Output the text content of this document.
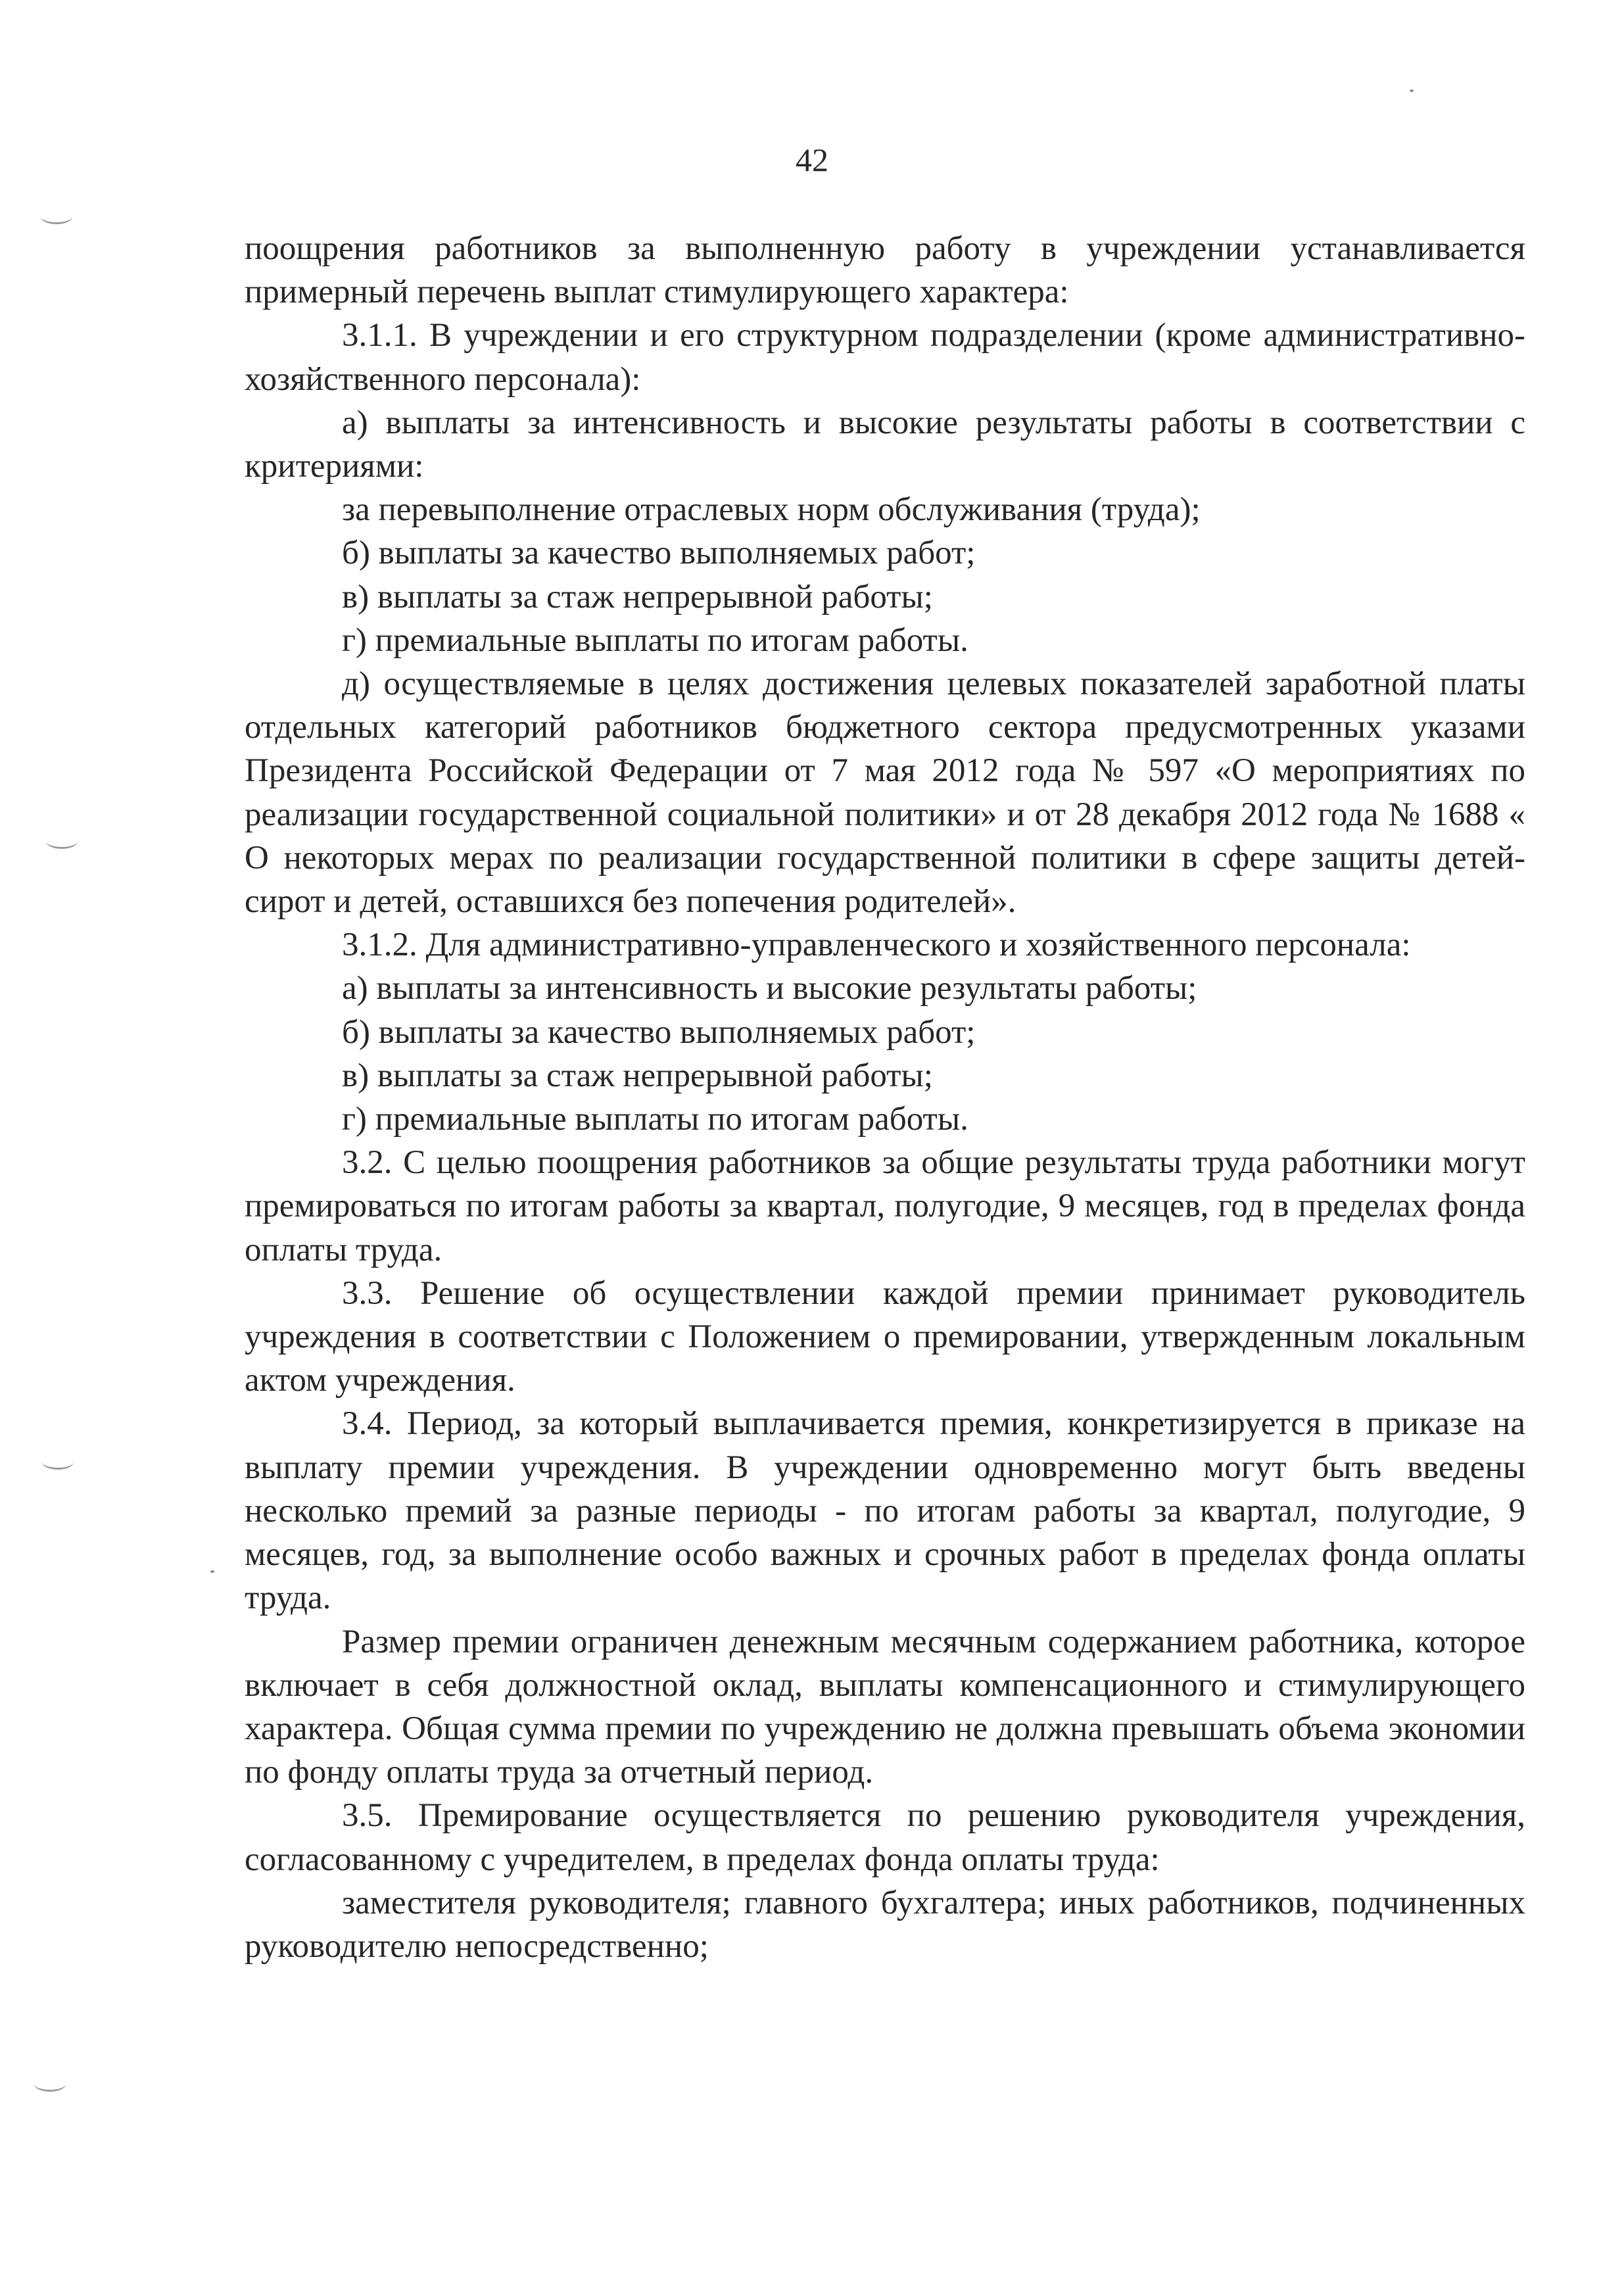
42

поощрения работников за выполненную работу в учреждении устанавливается примерный перечень выплат стимулирующего характера:

3.1.1. В учреждении и его структурном подразделении (кроме административно-хозяйственного персонала):

а) выплаты за интенсивность и высокие результаты работы в соответствии с критериями:

за перевыполнение отраслевых норм обслуживания (труда);

б) выплаты за качество выполняемых работ;

в) выплаты за стаж непрерывной работы;

г) премиальные выплаты по итогам работы.

д) осуществляемые в целях достижения целевых показателей заработной платы отдельных категорий работников бюджетного сектора предусмотренных указами Президента Российской Федерации от 7 мая 2012 года № 597 «О мероприятиях по реализации государственной социальной политики» и от 28 декабря 2012 года № 1688 « О некоторых мерах по реализации государственной политики в сфере защиты детей-сирот и детей, оставшихся без попечения родителей».

3.1.2. Для административно-управленческого и хозяйственного персонала:

а) выплаты за интенсивность и высокие результаты работы;

б) выплаты за качество выполняемых работ;

в) выплаты за стаж непрерывной работы;

г) премиальные выплаты по итогам работы.

3.2. С целью поощрения работников за общие результаты труда работники могут премироваться по итогам работы за квартал, полугодие, 9 месяцев, год в пределах фонда оплаты труда.

3.3. Решение об осуществлении каждой премии принимает руководитель учреждения в соответствии с Положением о премировании, утвержденным локальным актом учреждения.

3.4. Период, за который выплачивается премия, конкретизируется в приказе на выплату премии учреждения. В учреждении одновременно могут быть введены несколько премий за разные периоды - по итогам работы за квартал, полугодие, 9 месяцев, год, за выполнение особо важных и срочных работ в пределах фонда оплаты труда.

Размер премии ограничен денежным месячным содержанием работника, которое включает в себя должностной оклад, выплаты компенсационного и стимулирующего характера. Общая сумма премии по учреждению не должна превышать объема экономии по фонду оплаты труда за отчетный период.

3.5. Премирование осуществляется по решению руководителя учреждения, согласованному с учредителем, в пределах фонда оплаты труда:

заместителя руководителя; главного бухгалтера; иных работников, подчиненных руководителю непосредственно;
